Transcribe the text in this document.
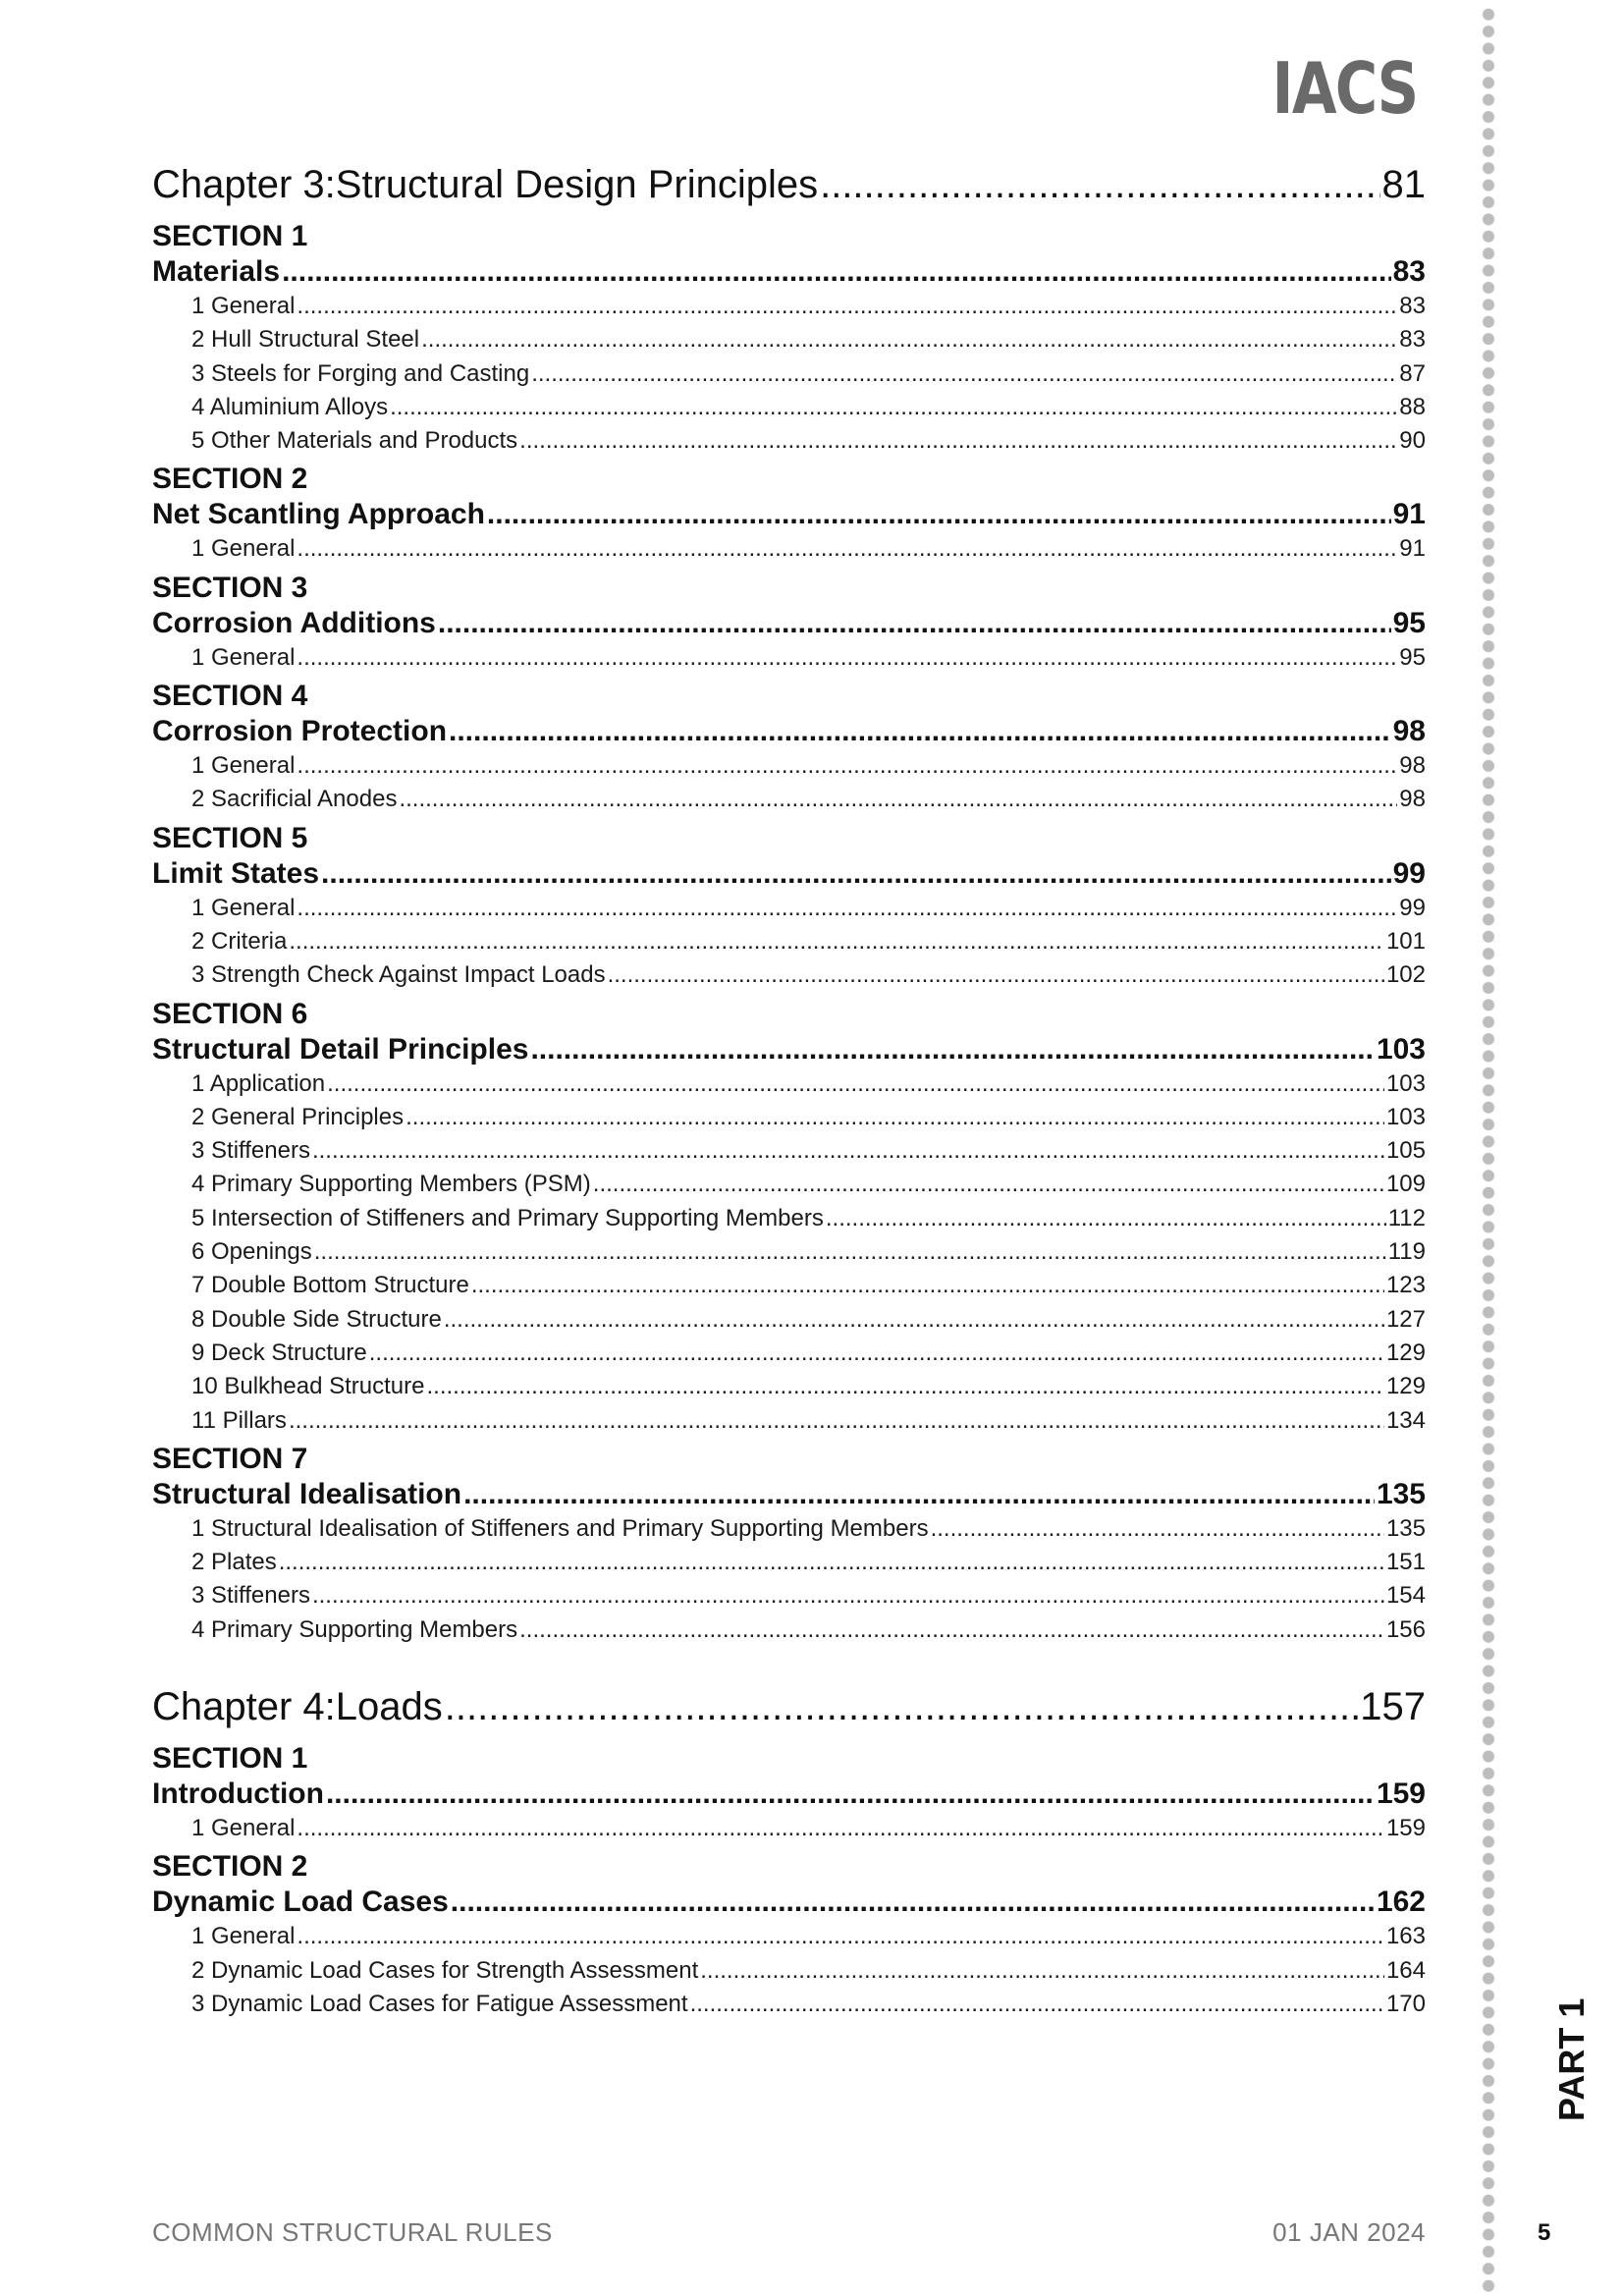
IACS
Chapter 3: Structural Design Principles .....	81
SECTION 1
Materials .....	83
1 General .....	83
2 Hull Structural Steel .....	83
3 Steels for Forging and Casting .....	87
4 Aluminium Alloys .....	88
5 Other Materials and Products .....	90
SECTION 2
Net Scantling Approach .....	91
1 General .....	91
SECTION 3
Corrosion Additions .....	95
1 General .....	95
SECTION 4
Corrosion Protection .....	98
1 General .....	98
2 Sacrificial Anodes .....	98
SECTION 5
Limit States .....	99
1 General .....	99
2 Criteria .....	101
3 Strength Check Against Impact Loads .....	102
SECTION 6
Structural Detail Principles .....	103
1 Application .....	103
2 General Principles .....	103
3 Stiffeners .....	105
4 Primary Supporting Members (PSM) .....	109
5 Intersection of Stiffeners and Primary Supporting Members .....	112
6 Openings .....	119
7 Double Bottom Structure .....	123
8 Double Side Structure .....	127
9 Deck Structure .....	129
10 Bulkhead Structure .....	129
11 Pillars .....	134
SECTION 7
Structural Idealisation .....	135
1 Structural Idealisation of Stiffeners and Primary Supporting Members .....	135
2 Plates .....	151
3 Stiffeners .....	154
4 Primary Supporting Members .....	156
Chapter 4: Loads .....	157
SECTION 1
Introduction .....	159
1 General .....	159
SECTION 2
Dynamic Load Cases .....	162
1 General .....	163
2 Dynamic Load Cases for Strength Assessment .....	164
3 Dynamic Load Cases for Fatigue Assessment .....	170	PART 1
COMMON STRUCTURAL RULES	01 JAN 2024	5
